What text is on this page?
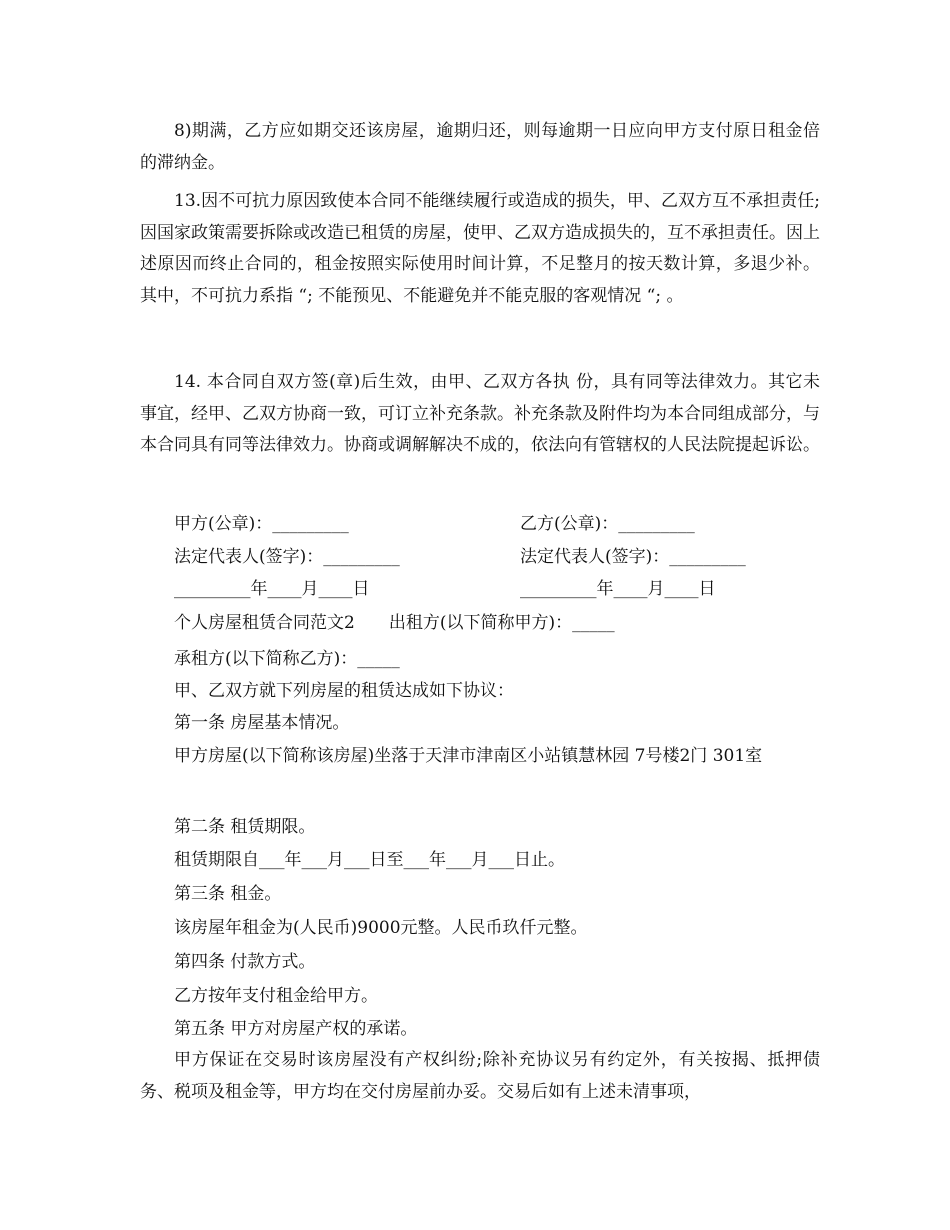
8)期满，乙方应如期交还该房屋，逾期归还，则每逾期一日应向甲方支付原日租金倍的滞纳金。

13.因不可抗力原因致使本合同不能继续履行或造成的损失，甲、乙双方互不承担责任;因国家政策需要拆除或改造已租赁的房屋，使甲、乙双方造成损失的，互不承担责任。因上述原因而终止合同的，租金按照实际使用时间计算，不足整月的按天数计算，多退少补。 其中，不可抗力系指 “; 不能预见、不能避免并不能克服的客观情况 “; 。

14. 本合同自双方签(章)后生效，由甲、乙双方各执 份，具有同等法律效力。其它未事宜，经甲、乙双方协商一致，可订立补充条款。补充条款及附件均为本合同组成部分，与本合同具有同等法律效力。协商或调解解决不成的，依法向有管辖权的人民法院提起诉讼。

甲方(公章)：_________	乙方(公章)：_________
法定代表人(签字)：_________	法定代表人(签字)：_________
_________年____月____日	_________年____月____日
个人房屋租赁合同范文2　　出租方(以下简称甲方)：_____
承租方(以下简称乙方)：_____
甲、乙双方就下列房屋的租赁达成如下协议：
第一条 房屋基本情况。

甲方房屋(以下简称该房屋)坐落于天津市津南区小站镇慧林园 7号楼2门 301室

第二条 租赁期限。
租赁期限自___年___月___日至___年___月___日止。
第三条 租金。
该房屋年租金为(人民币)9000元整。人民币玖仟元整。
第四条 付款方式。
乙方按年支付租金给甲方。
第五条 甲方对房屋产权的承诺。

甲方保证在交易时该房屋没有产权纠纷;除补充协议另有约定外，有关按揭、抵押债务、税项及租金等，甲方均在交付房屋前办妥。交易后如有上述未清事项，
